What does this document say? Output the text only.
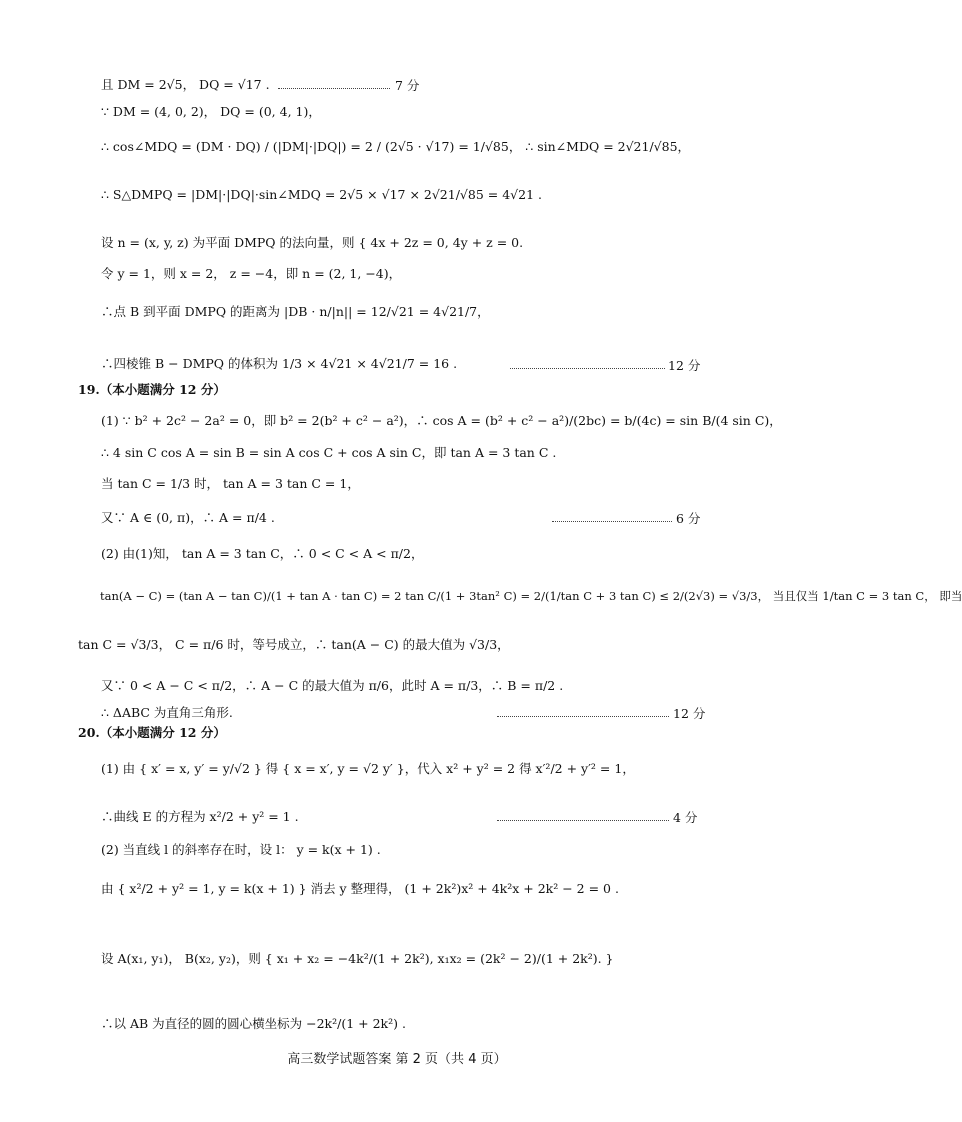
且 DM = 2√5， DQ = √17 .	7 分
∵ DM = (4, 0, 2)， DQ = (0, 4, 1)，
∴ cos∠MDQ = (DM · DQ) / (|DM|·|DQ|) = 2 / (2√5 · √17) = 1/√85， ∴ sin∠MDQ = 2√21/√85，
∴ S△DMPQ = |DM|·|DQ|·sin∠MDQ = 2√5 × √17 × 2√21/√85 = 4√21 .
设 n = (x, y, z) 为平面 DMPQ 的法向量，则 { 4x + 2z = 0, 4y + z = 0.
令 y = 1，则 x = 2， z = −4，即 n = (2, 1, −4)，
∴点 B 到平面 DMPQ 的距离为 |DB · n/|n|| = 12/√21 = 4√21/7，
∴四棱锥 B − DMPQ 的体积为 1/3 × 4√21 × 4√21/7 = 16 .	12 分
19.（本小题满分 12 分）
(1) ∵ b² + 2c² − 2a² = 0，即 b² = 2(b² + c² − a²)，∴ cos A = (b² + c² − a²)/(2bc) = b/(4c) = sin B/(4 sin C)，
∴ 4 sin C cos A = sin B = sin A cos C + cos A sin C，即 tan A = 3 tan C .
当 tan C = 1/3 时， tan A = 3 tan C = 1，
又∵ A ∈ (0, π)，∴ A = π/4 .	6 分
(2) 由(1)知， tan A = 3 tan C，∴ 0 < C < A < π/2，
tan(A − C) = (tan A − tan C)/(1 + tan A · tan C) = 2 tan C/(1 + 3tan² C) = 2/(1/tan C + 3 tan C) ≤ 2/(2√3) = √3/3， 当且仅当 1/tan C = 3 tan C， 即当
tan C = √3/3， C = π/6 时，等号成立，∴ tan(A − C) 的最大值为 √3/3，
又∵ 0 < A − C < π/2，∴ A − C 的最大值为 π/6，此时 A = π/3，∴ B = π/2 .
∴ ΔABC 为直角三角形.	12 分
20.（本小题满分 12 分）
(1) 由 { x′ = x, y′ = y/√2 } 得 { x = x′, y = √2 y′ }，代入 x² + y² = 2 得 x′²/2 + y′² = 1，
∴曲线 E 的方程为 x²/2 + y² = 1 .	4 分
(2) 当直线 l 的斜率存在时，设 l： y = k(x + 1) .
由 { x²/2 + y² = 1, y = k(x + 1) } 消去 y 整理得， (1 + 2k²)x² + 4k²x + 2k² − 2 = 0 .
设 A(x₁, y₁)， B(x₂, y₂)，则 { x₁ + x₂ = −4k²/(1 + 2k²), x₁x₂ = (2k² − 2)/(1 + 2k²). }
∴以 AB 为直径的圆的圆心横坐标为 −2k²/(1 + 2k²) .
高三数学试题答案 第 2 页（共 4 页）
